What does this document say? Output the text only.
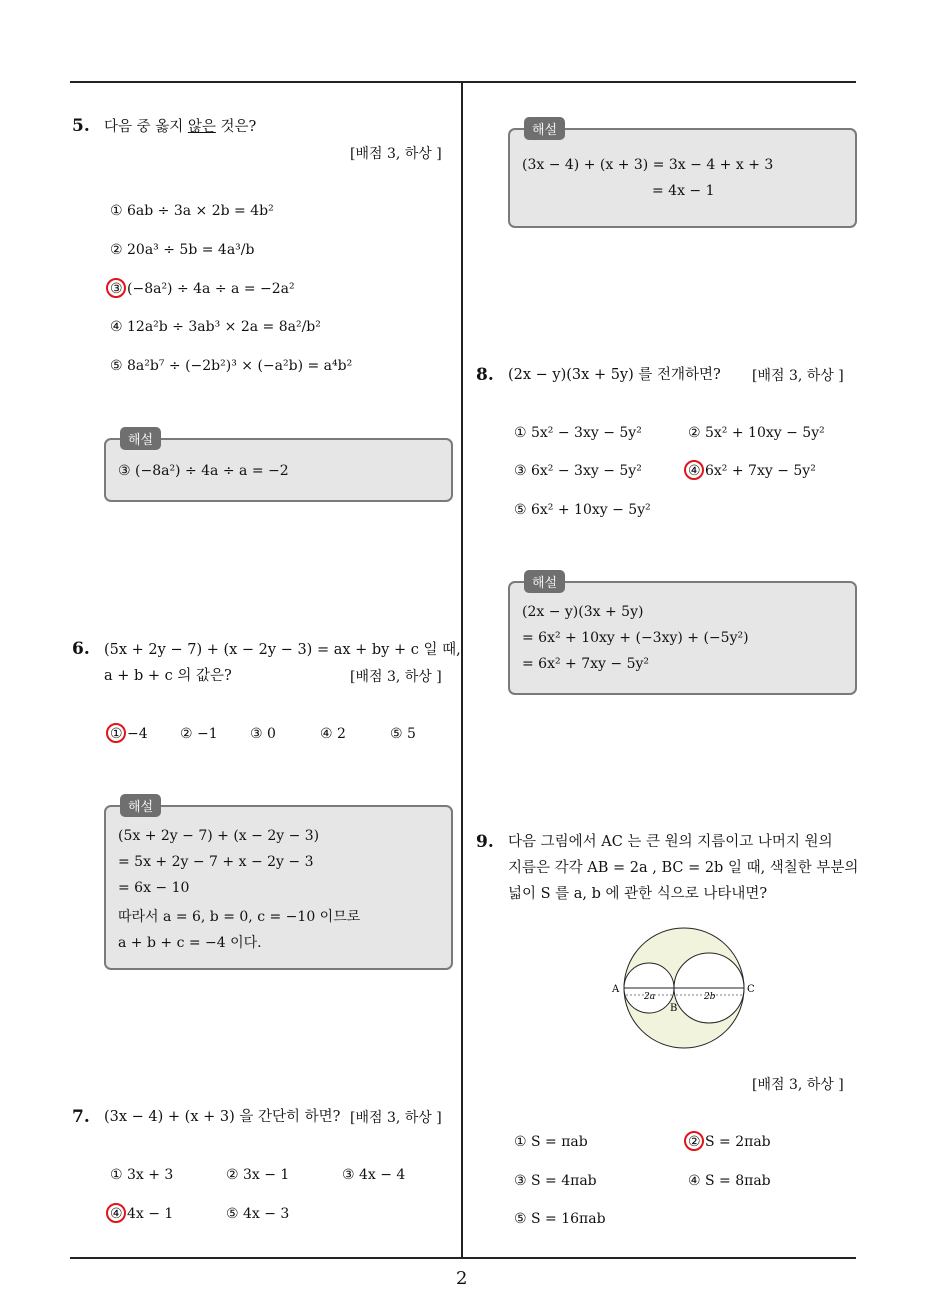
5. 다음 중 옳지 않은 것은?
[배점 3, 하상 ]
① 6ab ÷ 3a × 2b = 4b²
② 20a³ ÷ 5b = 4a³/b
③ (−8a²) ÷ 4a ÷ a = −2a²
④ 12a²b ÷ 3ab³ × 2a = 8a²/b²
⑤ 8a²b⁷ ÷ (−2b²)³ × (−a²b) = a⁴b²
해설
③ (−8a²) ÷ 4a ÷ a = −2
6. (5x + 2y − 7) + (x − 2y − 3) = ax + by + c 일 때,
a + b + c 의 값은?	[배점 3, 하상 ]
① −4 ② −1 ③ 0	④ 2	⑤ 5
해설
(5x + 2y − 7) + (x − 2y − 3)
= 5x + 2y − 7 + x − 2y − 3
= 6x − 10
따라서 a = 6, b = 0, c = −10 이므로
a + b + c = −4 이다.
7. (3x − 4) + (x + 3) 을 간단히 하면? [배점 3, 하상 ]
① 3x + 3	② 3x − 1	③ 4x − 4
④ 4x − 1	⑤ 4x − 3
해설
(3x − 4) + (x + 3) = 3x − 4 + x + 3
= 4x − 1
8. (2x − y)(3x + 5y) 를 전개하면? [배점 3, 하상 ]
① 5x² − 3xy − 5y²	② 5x² + 10xy − 5y²
③ 6x² − 3xy − 5y²	④ 6x² + 7xy − 5y²
⑤ 6x² + 10xy − 5y²
해설
(2x − y)(3x + 5y)
= 6x² + 10xy + (−3xy) + (−5y²)
= 6x² + 7xy − 5y²
9. 다음 그림에서 AC 는 큰 원의 지름이고 나머지 원의
지름은 각각 AB = 2a , BC = 2b 일 때, 색칠한 부분의
넓이 S 를 a, b 에 관한 식으로 나타내면?
A	C
B
2a	2b
[배점 3, 하상 ]
① S = πab	② S = 2πab
③ S = 4πab	④ S = 8πab
⑤ S = 16πab
2
